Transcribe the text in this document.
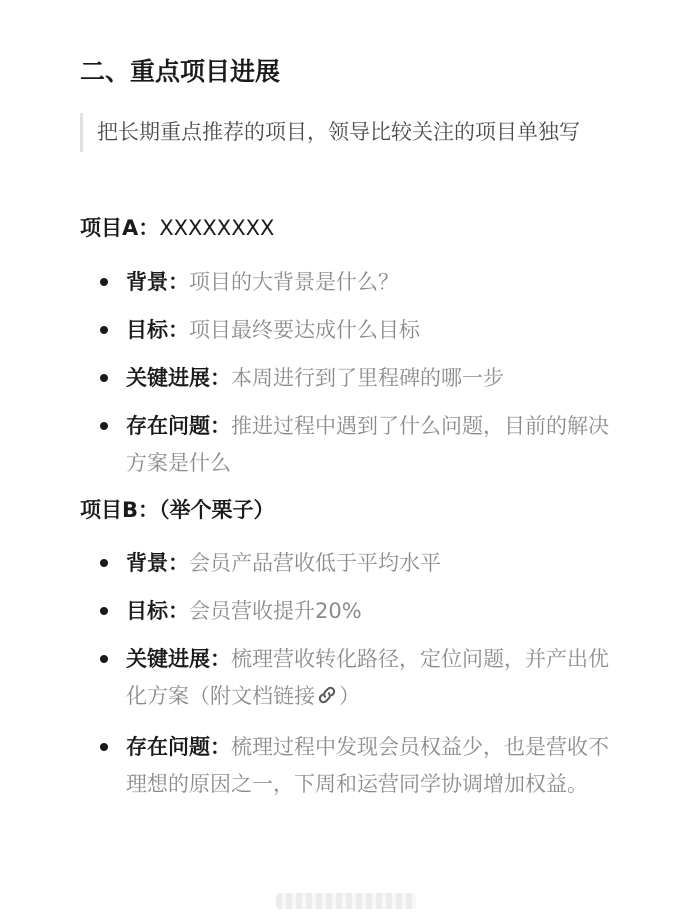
二、重点项目进展
把长期重点推荐的项目，领导比较关注的项目单独写
项目A：XXXXXXXX
背景：项目的大背景是什么？
目标：项目最终要达成什么目标
关键进展：本周进行到了里程碑的哪一步
存在问题：推进过程中遇到了什么问题，目前的解决方案是什么
项目B：（举个栗子）
背景：会员产品营收低于平均水平
目标：会员营收提升20%
关键进展：梳理营收转化路径，定位问题，并产出优化方案（附文档链接 ）
存在问题：梳理过程中发现会员权益少，也是营收不理想的原因之一，下周和运营同学协调增加权益。
